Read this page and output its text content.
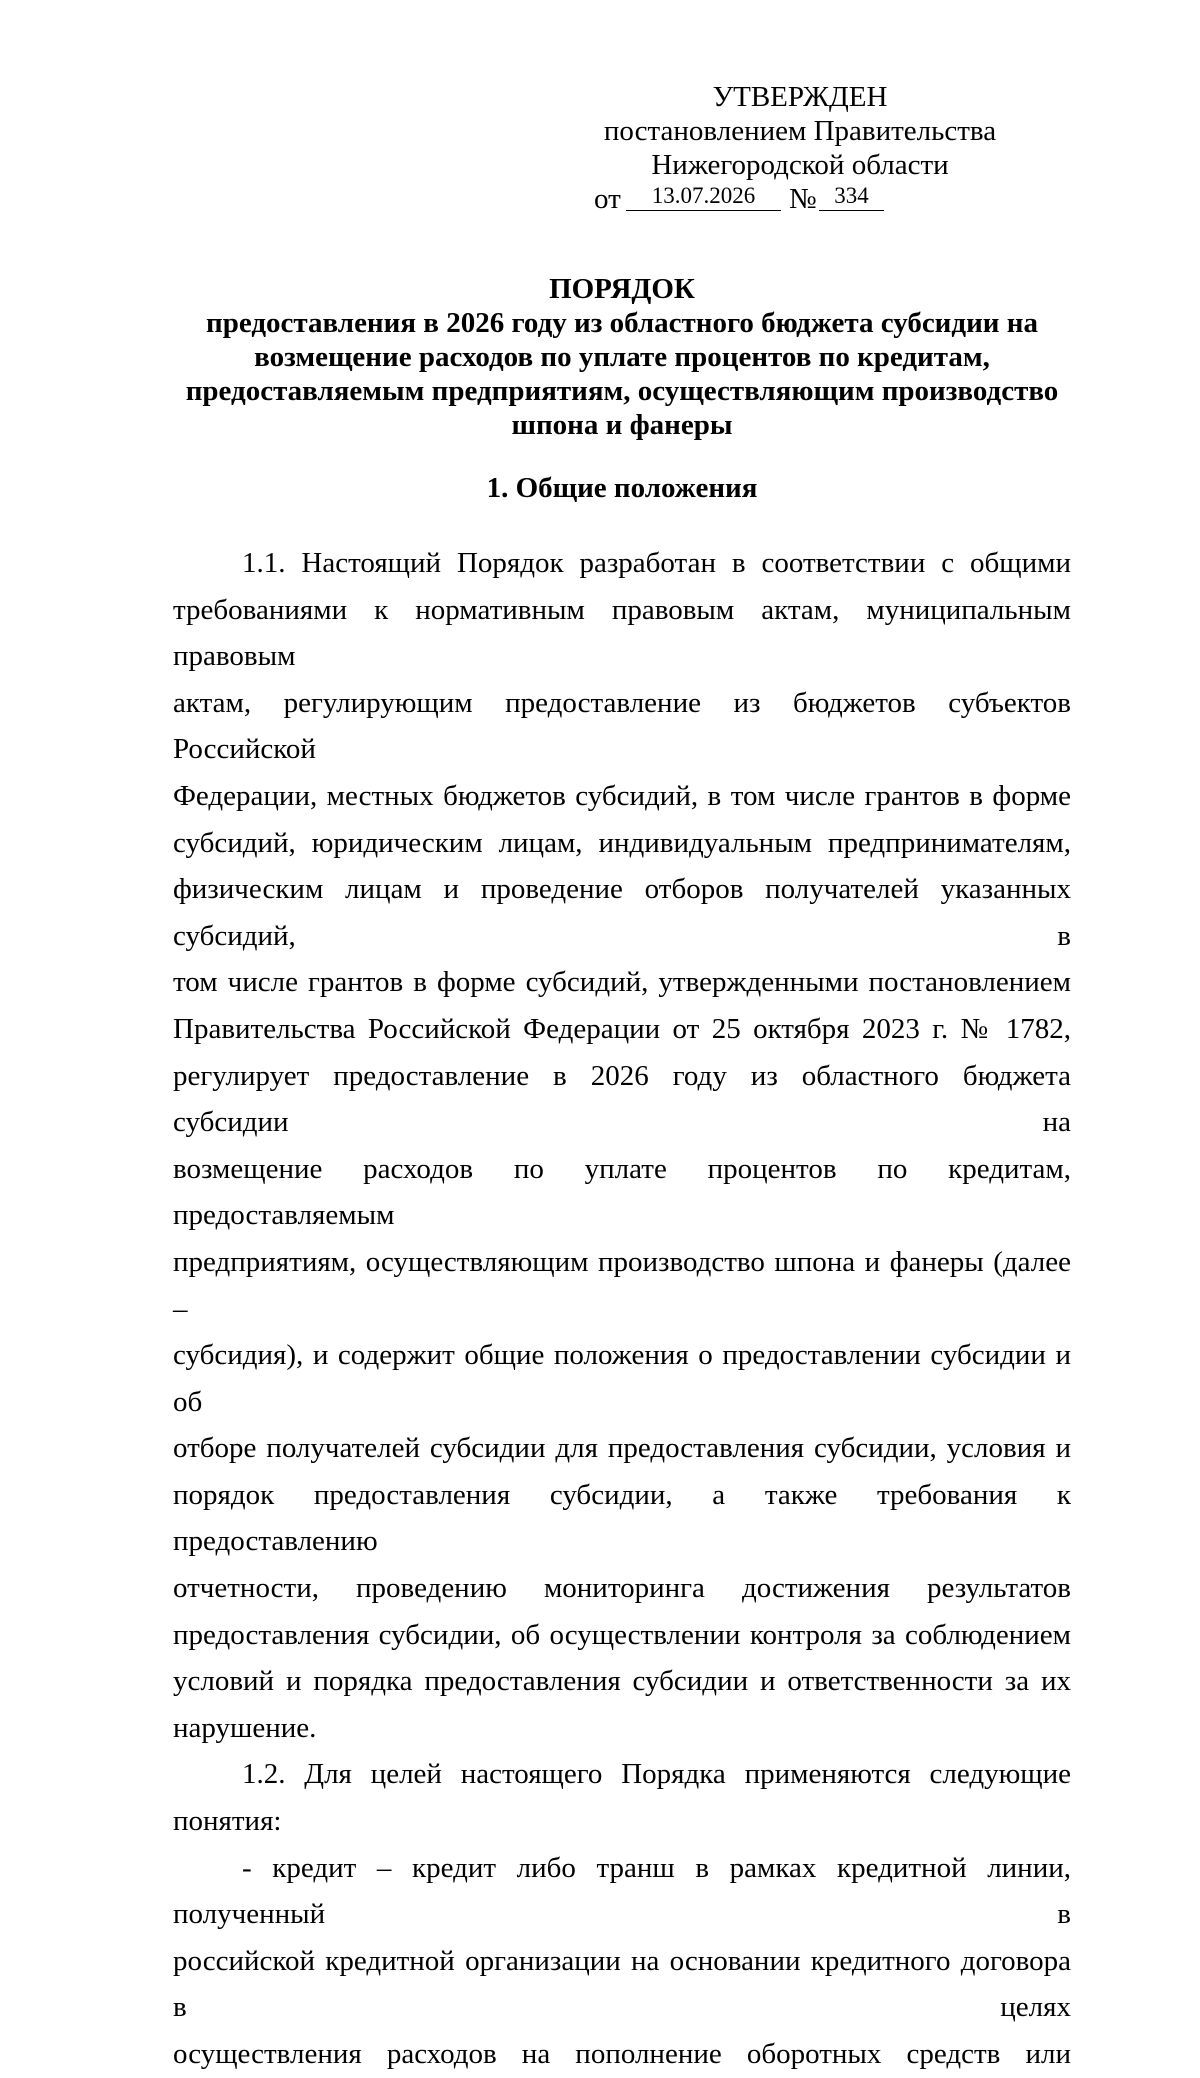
УТВЕРЖДЕН
постановлением Правительства
Нижегородской области
от	13.07.2026	№ 334
ПОРЯДОК
предоставления в 2026 году из областного бюджета субсидии на
возмещение расходов по уплате процентов по кредитам,
предоставляемым предприятиям, осуществляющим производство
шпона и фанеры
1. Общие положения
1.1. Настоящий Порядок разработан в соответствии с общими
требованиями к нормативным правовым актам, муниципальным правовым
актам, регулирующим предоставление из бюджетов субъектов Российской
Федерации, местных бюджетов субсидий, в том числе грантов в форме
субсидий, юридическим лицам, индивидуальным предпринимателям,
физическим лицам и проведение отборов получателей указанных субсидий, в
том числе грантов в форме субсидий, утвержденными постановлением
Правительства Российской Федерации от 25 октября 2023 г. № 1782,
регулирует предоставление в 2026 году из областного бюджета субсидии на
возмещение расходов по уплате процентов по кредитам, предоставляемым
предприятиям, осуществляющим производство шпона и фанеры (далее –
субсидия), и содержит общие положения о предоставлении субсидии и об
отборе получателей субсидии для предоставления субсидии, условия и
порядок предоставления субсидии, а также требования к предоставлению
отчетности, проведению мониторинга достижения результатов
предоставления субсидии, об осуществлении контроля за соблюдением
условий и порядка предоставления субсидии и ответственности за их
нарушение.
1.2. Для целей настоящего Порядка применяются следующие понятия:
- кредит – кредит либо транш в рамках кредитной линии, полученный в
российской кредитной организации на основании кредитного договора в целях
осуществления расходов на пополнение оборотных средств или
